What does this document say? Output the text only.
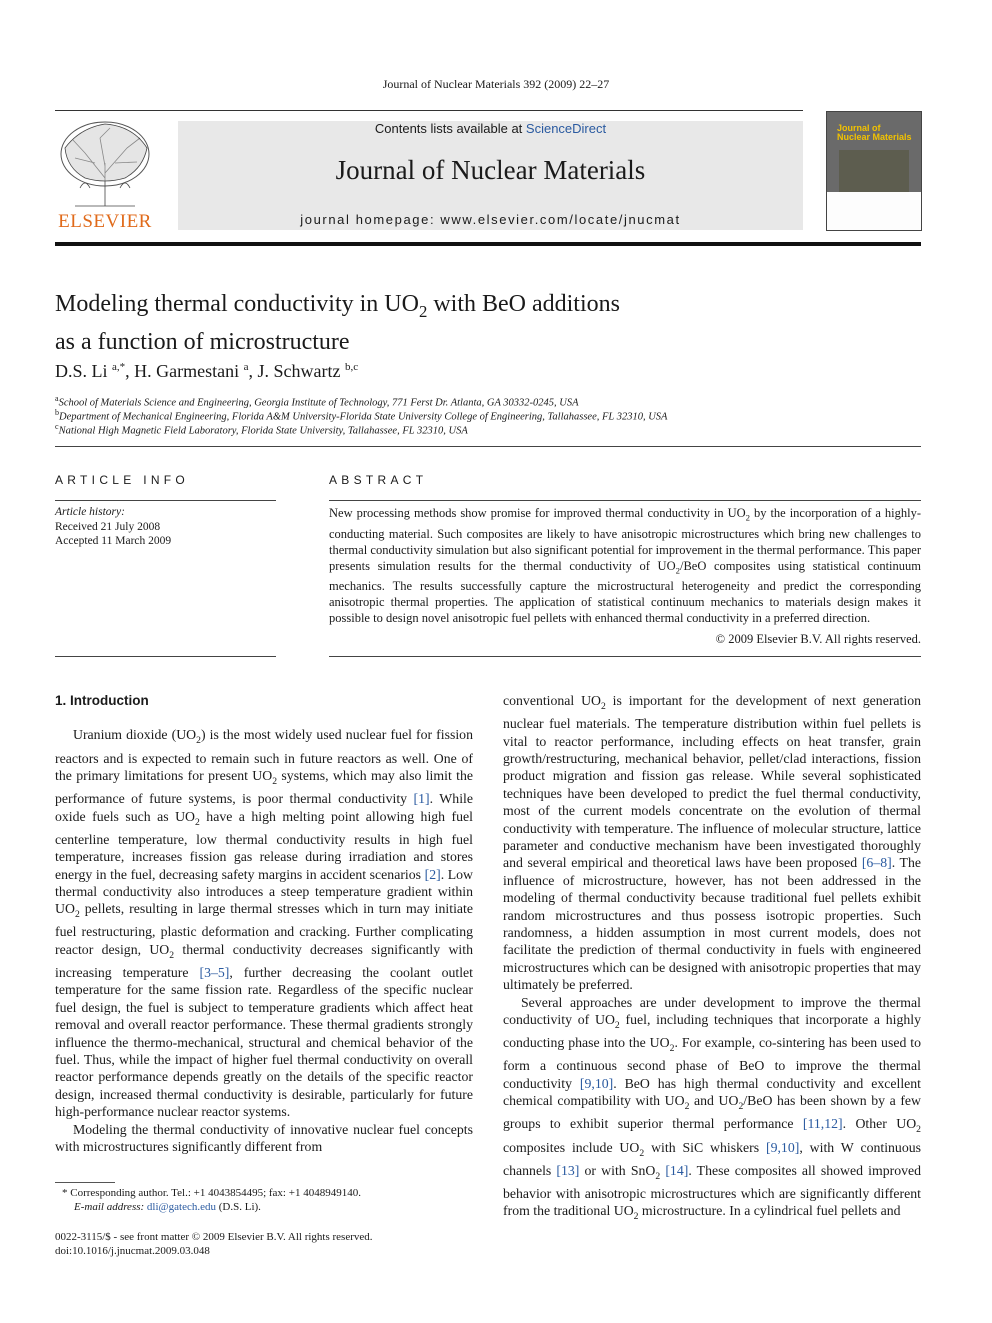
Journal of Nuclear Materials 392 (2009) 22–27
ELSEVIER
Contents lists available at ScienceDirect
Journal of Nuclear Materials
journal homepage: www.elsevier.com/locate/jnucmat
Journal of
Nuclear Materials
Modeling thermal conductivity in $UO_2$ with BeO additions
as a function of microstructure
D.S. Li $^{a,*}$, H. Garmestani $^a$, J. Schwartz $^{b,c}$
$^a$School of Materials Science and Engineering, Georgia Institute of Technology, 771 Ferst Dr. Atlanta, GA 30332-0245, USA
$^b$Department of Mechanical Engineering, Florida A&M University-Florida State University College of Engineering, Tallahassee, FL 32310, USA
$^c$National High Magnetic Field Laboratory, Florida State University, Tallahassee, FL 32310, USA
ARTICLE INFO	ABSTRACT
Article history:
Received 21 July 2008
Accepted 11 March 2009
New processing methods show promise for improved thermal conductivity in $UO_2$ by the incorporation of a highly-conducting material. Such composites are likely to have anisotropic microstructures which bring new challenges to thermal conductivity simulation but also significant potential for improvement in the thermal performance. This paper presents simulation results for the thermal conductivity of $UO_2$/BeO composites using statistical continuum mechanics. The results successfully capture the microstructural heterogeneity and predict the corresponding anisotropic thermal properties. The application of statistical continuum mechanics to materials design makes it possible to design novel anisotropic fuel pellets with enhanced thermal conductivity in a preferred direction.
© 2009 Elsevier B.V. All rights reserved.

1. Introduction

Uranium dioxide $(UO_2)$ is the most widely used nuclear fuel for fission reactors and is expected to remain such in future reactors as well. One of the primary limitations for present $UO_2$ systems, which may also limit the performance of future systems, is poor thermal conductivity [1]. While oxide fuels such as $UO_2$ have a high melting point allowing high fuel centerline temperature, low thermal conductivity results in high fuel temperature, increases fission gas release during irradiation and stores energy in the fuel, decreasing safety margins in accident scenarios [2]. Low thermal conductivity also introduces a steep temperature gradient within $UO_2$ pellets, resulting in large thermal stresses which in turn may initiate fuel restructuring, plastic deformation and cracking. Further complicating reactor design, $UO_2$ thermal conductivity decreases significantly with increasing temperature [3–5], further decreasing the coolant outlet temperature for the same fission rate. Regardless of the specific nuclear fuel design, the fuel is subject to temperature gradients which affect heat removal and overall reactor performance. These thermal gradients strongly influence the thermo-mechanical, structural and chemical behavior of the fuel. Thus, while the impact of higher fuel thermal conductivity on overall reactor performance depends greatly on the details of the specific reactor design, increased thermal conductivity is desirable, particularly for future high-performance nuclear reactor systems.

Modeling the thermal conductivity of innovative nuclear fuel concepts with microstructures significantly different from

conventional $UO_2$ is important for the development of next generation nuclear fuel materials. The temperature distribution within fuel pellets is vital to reactor performance, including effects on heat transfer, grain growth/restructuring, mechanical behavior, pellet/clad interactions, fission product migration and fission gas release. While several sophisticated techniques have been developed to predict the fuel thermal conductivity, most of the current models concentrate on the evolution of thermal conductivity with temperature. The influence of molecular structure, lattice parameter and conductive mechanism have been investigated thoroughly and several empirical and theoretical laws have been proposed [6–8]. The influence of microstructure, however, has not been addressed in the modeling of thermal conductivity because traditional fuel pellets exhibit random microstructures and thus possess isotropic properties. Such randomness, a hidden assumption in most current models, does not facilitate the prediction of thermal conductivity in fuels with engineered microstructures which can be designed with anisotropic properties that may ultimately be preferred.

Several approaches are under development to improve the thermal conductivity of $UO_2$ fuel, including techniques that incorporate a highly conducting phase into the $UO_2$. For example, co-sintering has been used to form a continuous second phase of BeO to improve the thermal conductivity [9,10]. BeO has high thermal conductivity and excellent chemical compatibility with $UO_2$ and $UO_2$/BeO has been shown by a few groups to exhibit superior thermal performance [11,12]. Other $UO_2$ composites include $UO_2$ with SiC whiskers [9,10], with W continuous channels [13] or with SnO$_2$ [14]. These composites all showed improved behavior with anisotropic microstructures which are significantly different from the traditional $UO_2$ microstructure. In a cylindrical fuel pellets and

* Corresponding author. Tel.: +1 4043854495; fax: +1 4048949140.
E-mail address: dli@gatech.edu (D.S. Li).
0022-3115/$ - see front matter © 2009 Elsevier B.V. All rights reserved.
doi:10.1016/j.jnucmat.2009.03.048
